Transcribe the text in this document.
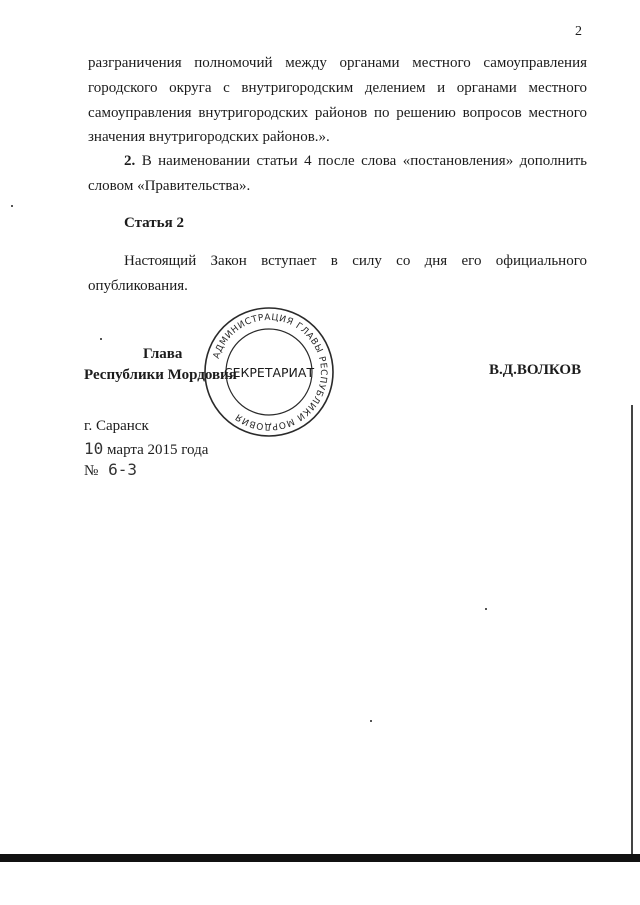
2
разграничения полномочий между органами местного самоуправления
городского округа с внутригородским делением и органами местного
самоуправления внутригородских районов по решению вопросов местного
значения внутригородских районов.».
2. В наименовании статьи 4 после слова «постановления» дополнить
словом «Правительства».
Статья 2
Настоящий Закон вступает в силу со дня его официального
опубликования.
Глава
Республики Мордовия	В.Д.ВОЛКОВ
АДМИНИСТРАЦИЯ ГЛАВЫ РЕСПУБЛИКИ МОРДОВИЯ
СЕКРЕТАРИАТ
г. Саранск
10 марта 2015 года
№ 6-З
